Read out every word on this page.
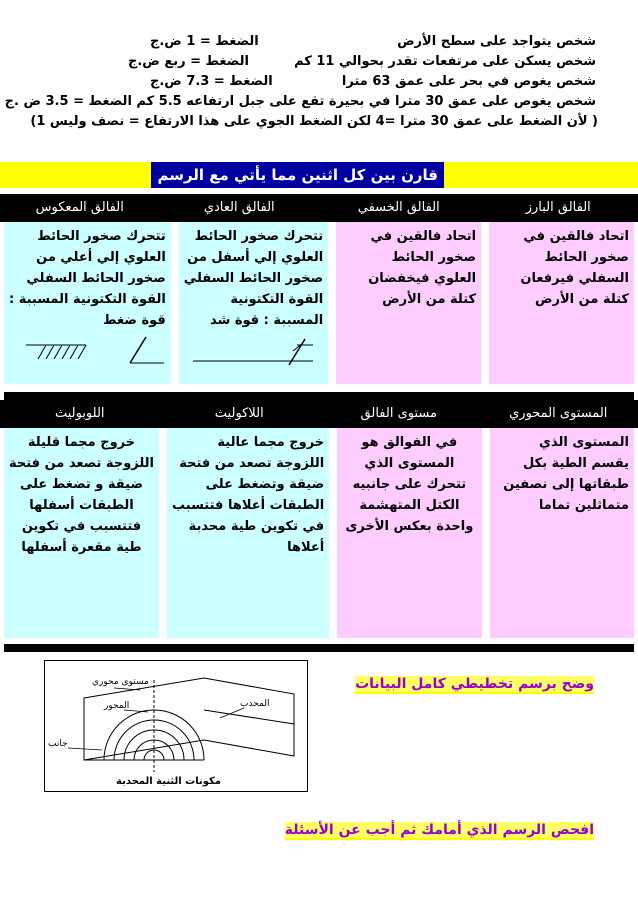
شخص يتواجد على سطح الأرض
الضغط = 1 ض.ج
شخص يسكن على مرتفعات تقدر بحوالي 11 كم
الضغط = ربع ض.ج
شخص يغوص في بحر على عمق 63 مترا
الضغط = 7.3 ض.ج
شخص يغوص على عمق 30 مترا في بحيرة تقع على جبل ارتفاعه 5.5 كم الضغط = 3.5 ض .ج
( لأن الضغط على عمق 30 مترا =4 لكن الضغط الجوي على هذا الارتفاع = نصف وليس 1)
قارن بين كل اثنين مما يأتي مع الرسم
الفالق البارز
الفالق الخسفي
الفالق العادي
الفالق المعكوس
اتحاد فالقين في
صخور الحائط
السفلي فيرفعان
كتلة من الأرض
اتحاد فالقين في
صخور الحائط
العلوي فيخفضان
كتلة من الأرض
تتحرك صخور الحائط
العلوي إلي أسفل من
صخور الحائط السفلي
القوة التكتونية
المسببة : قوة شد
تتحرك صخور الحائط
العلوي إلي أعلي من
صخور الحائط السفلي
القوة التكتونية المسببة :
قوة ضغط
المستوى المحوري
مستوى الفالق
اللاكوليث
اللوبوليث
المستوى الذي
يقسم الطية بكل
طبقاتها إلى نصفين
متماثلين تماما
في الفوالق هو
المستوى الذي
تتحرك على جانبيه
الكتل المتهشمة
واحدة بعكس الأخرى
خروج مجما عالية
اللزوجة تصعد من فتحة
ضيقة وتضغط على
الطبقات أعلاها فتتسبب
في تكوين طية محدبة
أعلاها
خروج مجما قليلة
اللزوجة تصعد من فتحة
ضيقة و تضغط على
الطبقات أسفلها
فتتسبب في تكوين
طية مقعرة أسفلها
وضح برسم تخطيطي كامل البيانات
مستوى محوري
المحور	المحدب
جانب
مكونات الثنية المحدبة
افحص الرسم الذي أمامك ثم أجب عن الأسئلة
